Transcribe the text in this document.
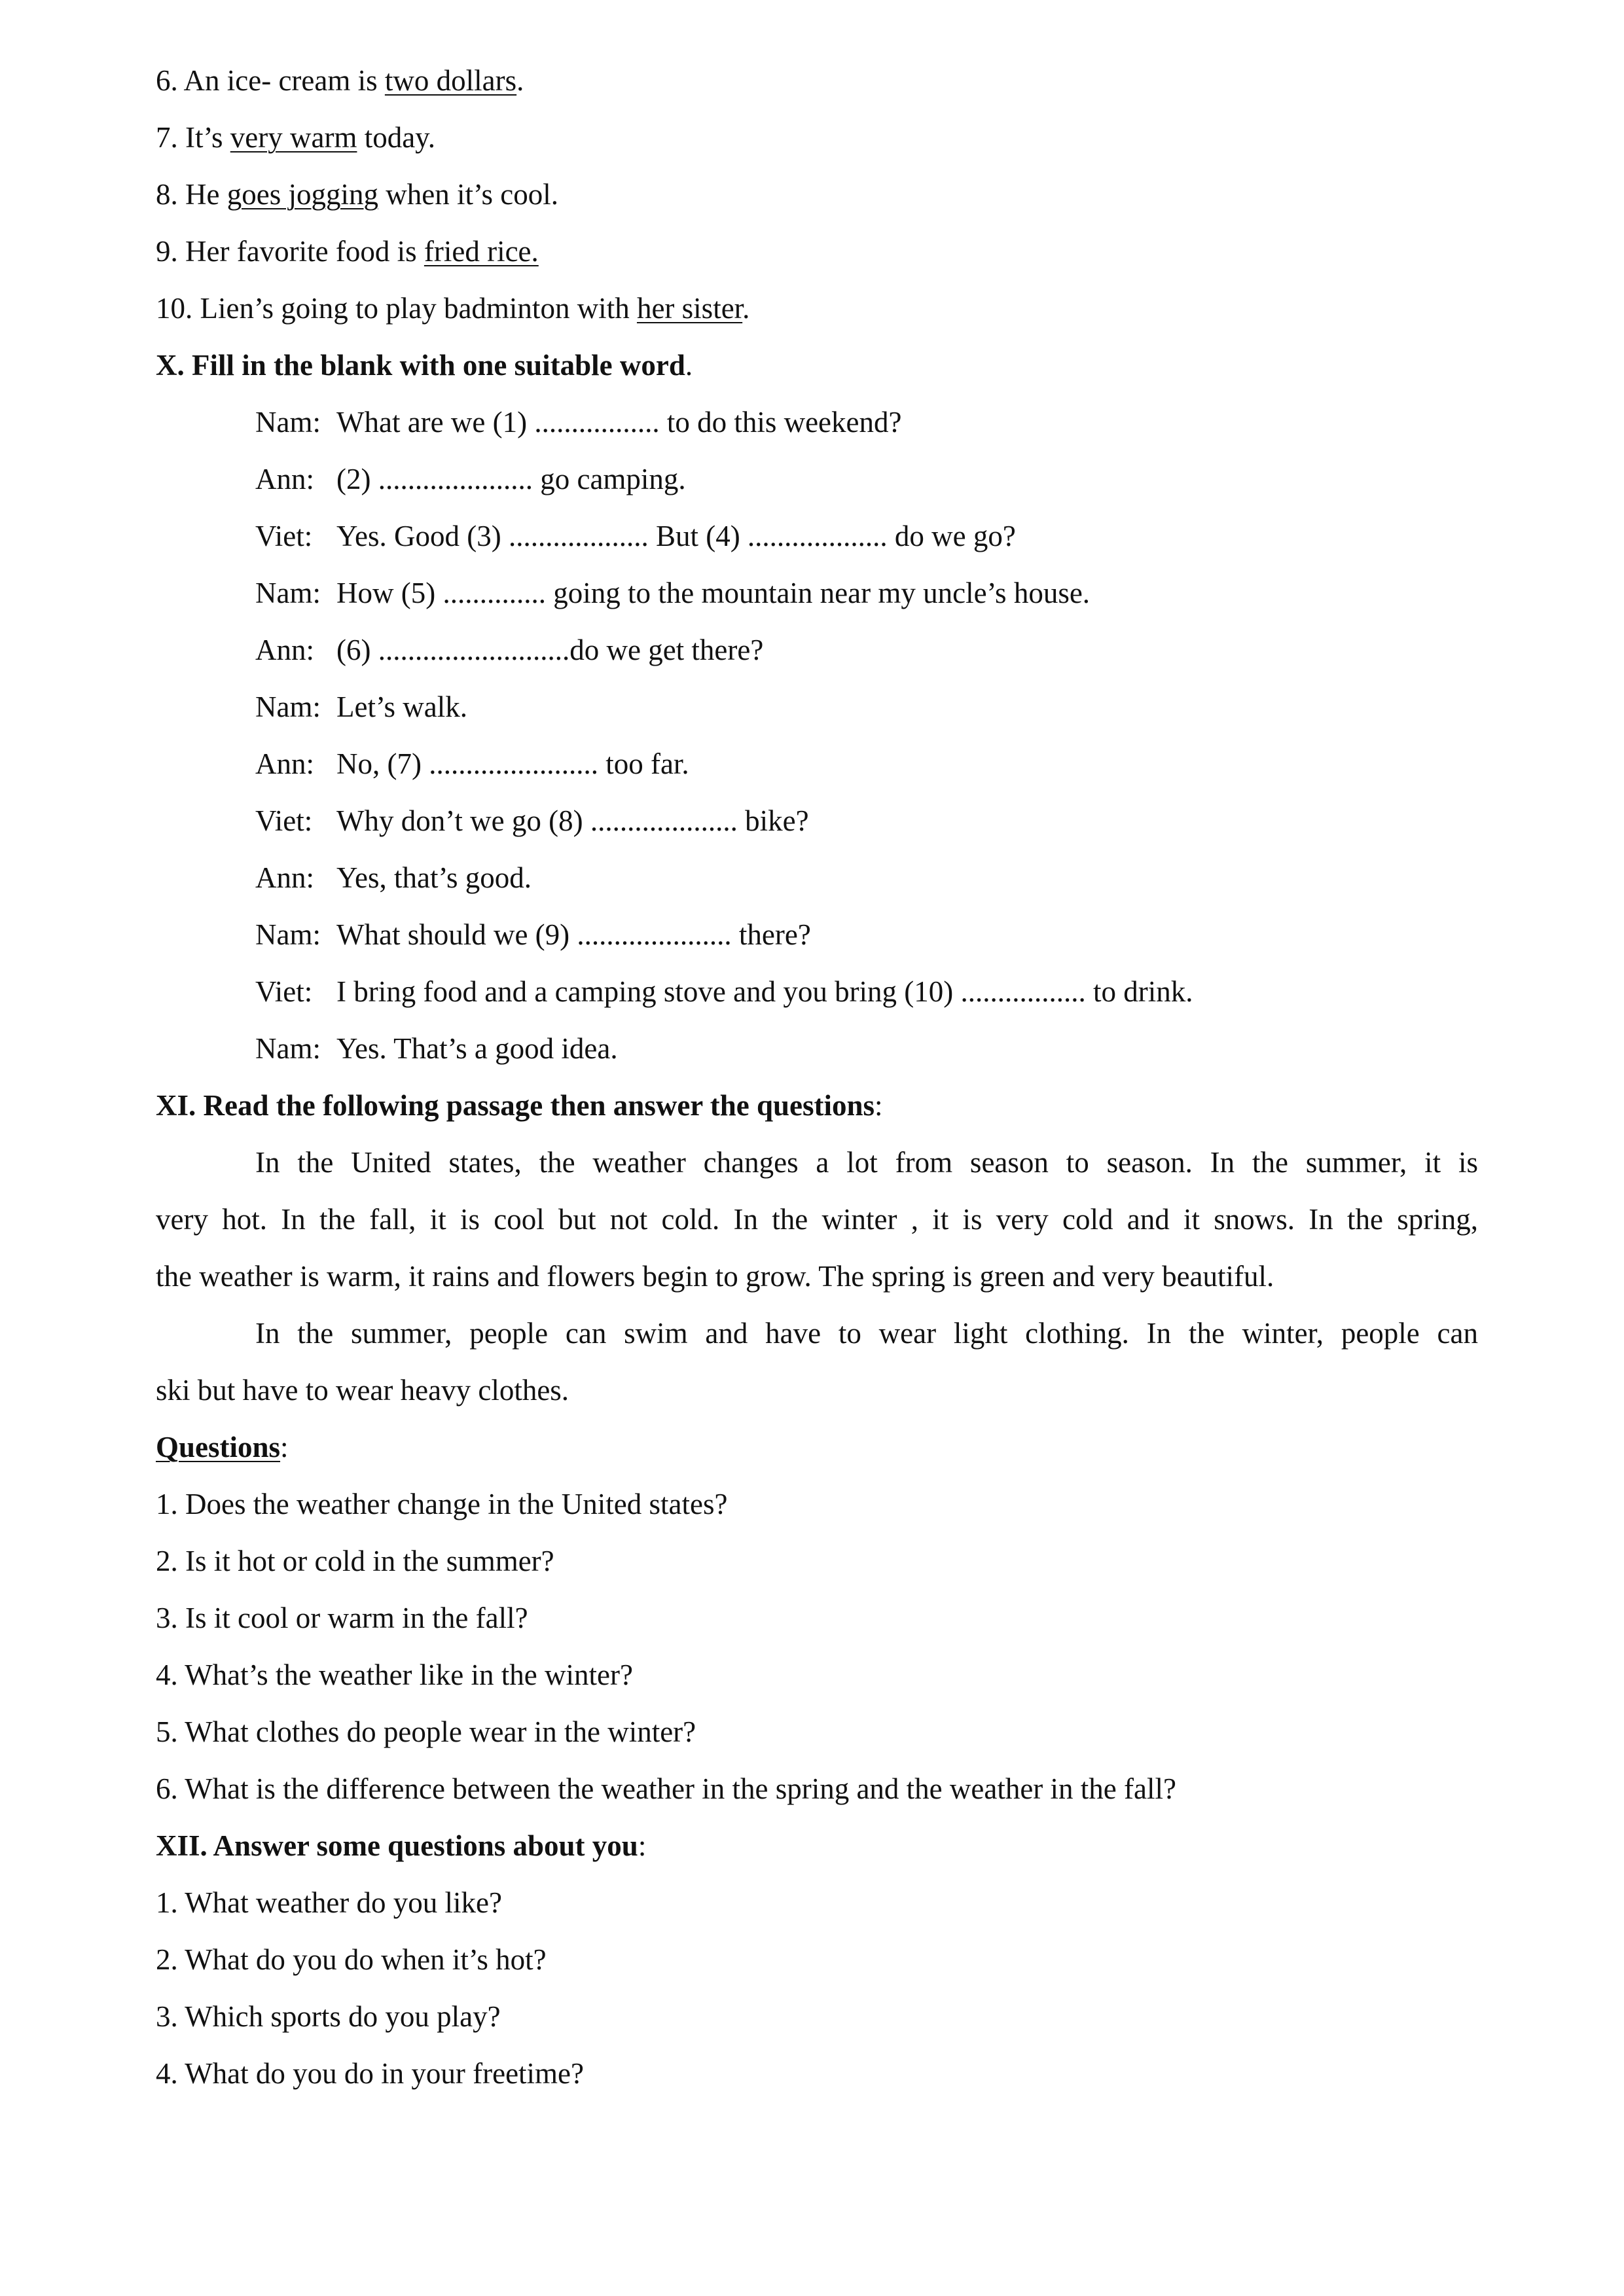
6. An ice- cream is two dollars.
7. It’s very warm today.
8. He goes jogging when it’s cool.
9. Her favorite food is fried rice.
10. Lien’s going to play badminton with her sister.
X. Fill in the blank with one suitable word.
Nam: What are we (1) ................. to do this weekend?
Ann: (2) ..................... go camping.
Viet: Yes. Good (3) ................... But (4) ................... do we go?
Nam: How (5) .............. going to the mountain near my uncle’s house.
Ann: (6) ..........................do we get there?
Nam: Let’s walk.
Ann: No, (7) ....................... too far.
Viet: Why don’t we go (8) .................... bike?
Ann: Yes, that’s good.
Nam: What should we (9) ..................... there?
Viet: I bring food and a camping stove and you bring (10) ................. to drink.
Nam: Yes. That’s a good idea.
XI. Read the following passage then answer the questions:
In the United states, the weather changes a lot from season to season. In the summer, it is
very hot. In the fall, it is cool but not cold. In the winter , it is very cold and it snows. In the spring,
the weather is warm, it rains and flowers begin to grow. The spring is green and very beautiful.
In the summer, people can swim and have to wear light clothing. In the winter, people can
ski but have to wear heavy clothes.
Questions:
1. Does the weather change in the United states?
2. Is it hot or cold in the summer?
3. Is it cool or warm in the fall?
4. What’s the weather like in the winter?
5. What clothes do people wear in the winter?
6. What is the difference between the weather in the spring and the weather in the fall?
XII. Answer some questions about you:
1. What weather do you like?
2. What do you do when it’s hot?
3. Which sports do you play?
4. What do you do in your freetime?
